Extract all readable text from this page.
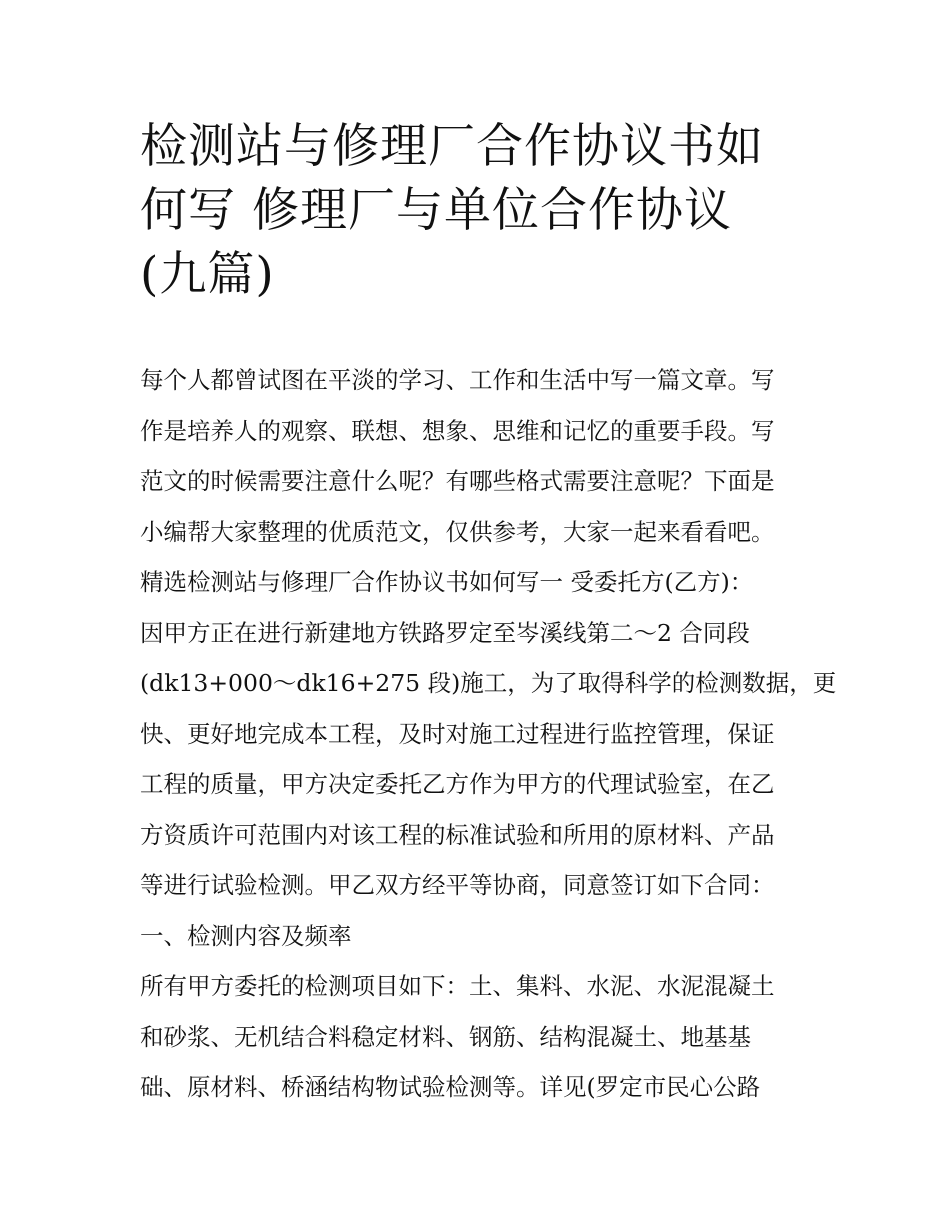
检测站与修理厂合作协议书如
何写 修理厂与单位合作协议
(九篇)
每个人都曾试图在平淡的学习、工作和生活中写一篇文章。写
作是培养人的观察、联想、想象、思维和记忆的重要手段。写
范文的时候需要注意什么呢？有哪些格式需要注意呢？下面是
小编帮大家整理的优质范文，仅供参考，大家一起来看看吧。
精选检测站与修理厂合作协议书如何写一 受委托方(乙方)：
因甲方正在进行新建地方铁路罗定至岑溪线第二～2 合同段
(dk13+000～dk16+275 段)施工，为了取得科学的检测数据，更
快、更好地完成本工程，及时对施工过程进行监控管理，保证
工程的质量，甲方决定委托乙方作为甲方的代理试验室，在乙
方资质许可范围内对该工程的标准试验和所用的原材料、产品
等进行试验检测。甲乙双方经平等协商，同意签订如下合同：
一、检测内容及频率
所有甲方委托的检测项目如下：土、集料、水泥、水泥混凝土
和砂浆、无机结合料稳定材料、钢筋、结构混凝土、地基基
础、原材料、桥涵结构物试验检测等。详见(罗定市民心公路
